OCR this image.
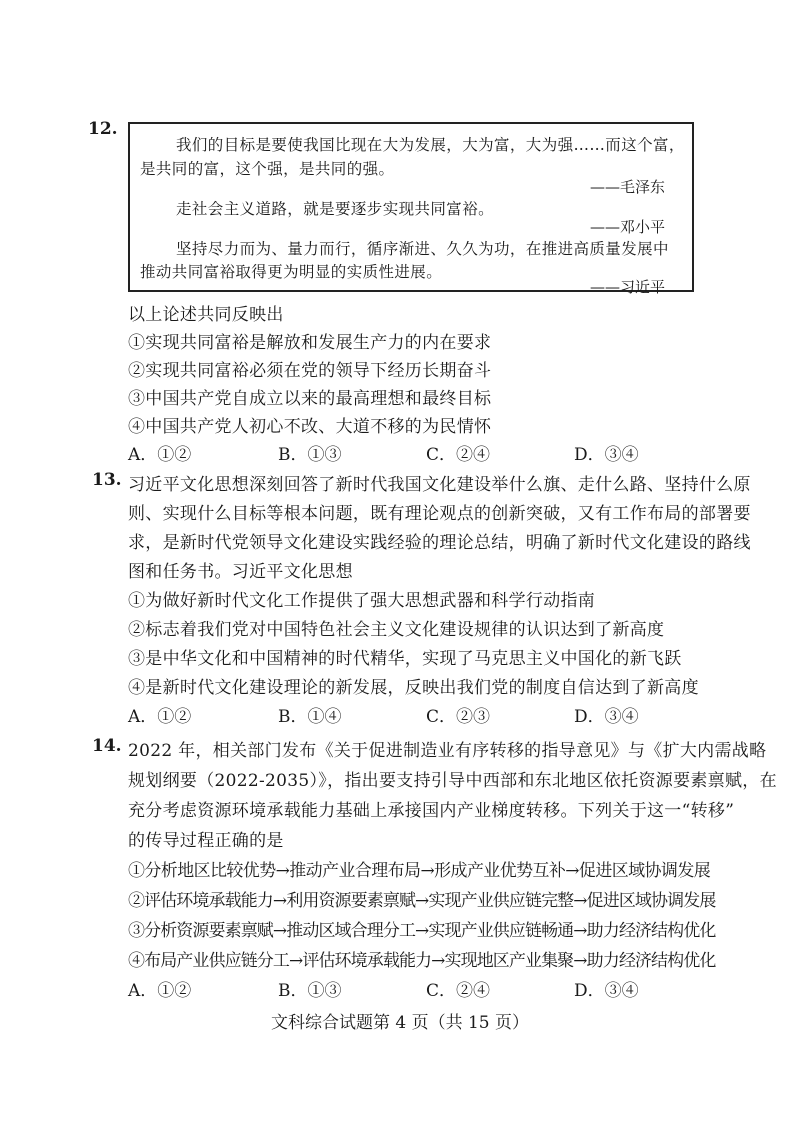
12.
我们的目标是要使我国比现在大为发展，大为富，大为强……而这个富，
是共同的富，这个强，是共同的强。
——毛泽东
走社会主义道路，就是要逐步实现共同富裕。
——邓小平
坚持尽力而为、量力而行，循序渐进、久久为功，在推进高质量发展中
推动共同富裕取得更为明显的实质性进展。
——习近平
以上论述共同反映出
①实现共同富裕是解放和发展生产力的内在要求
②实现共同富裕必须在党的领导下经历长期奋斗
③中国共产党自成立以来的最高理想和最终目标
④中国共产党人初心不改、大道不移的为民情怀
A．①②	B．①③	C．②④	D．③④
13. 习近平文化思想深刻回答了新时代我国文化建设举什么旗、走什么路、坚持什么原
则、实现什么目标等根本问题，既有理论观点的创新突破，又有工作布局的部署要
求，是新时代党领导文化建设实践经验的理论总结，明确了新时代文化建设的路线
图和任务书。习近平文化思想
①为做好新时代文化工作提供了强大思想武器和科学行动指南
②标志着我们党对中国特色社会主义文化建设规律的认识达到了新高度
③是中华文化和中国精神的时代精华，实现了马克思主义中国化的新飞跃
④是新时代文化建设理论的新发展，反映出我们党的制度自信达到了新高度
A．①②	B．①④	C．②③	D．③④
14. 2022 年，相关部门发布《关于促进制造业有序转移的指导意见》与《扩大内需战略
规划纲要（2022-2035）》，指出要支持引导中西部和东北地区依托资源要素禀赋，在
充分考虑资源环境承载能力基础上承接国内产业梯度转移。下列关于这一“转移”
的传导过程正确的是
①分析地区比较优势→推动产业合理布局→形成产业优势互补→促进区域协调发展
②评估环境承载能力→利用资源要素禀赋→实现产业供应链完整→促进区域协调发展
③分析资源要素禀赋→推动区域合理分工→实现产业供应链畅通→助力经济结构优化
④布局产业供应链分工→评估环境承载能力→实现地区产业集聚→助力经济结构优化
A．①②	B．①③	C．②④	D．③④
文科综合试题第 4 页（共 15 页）
